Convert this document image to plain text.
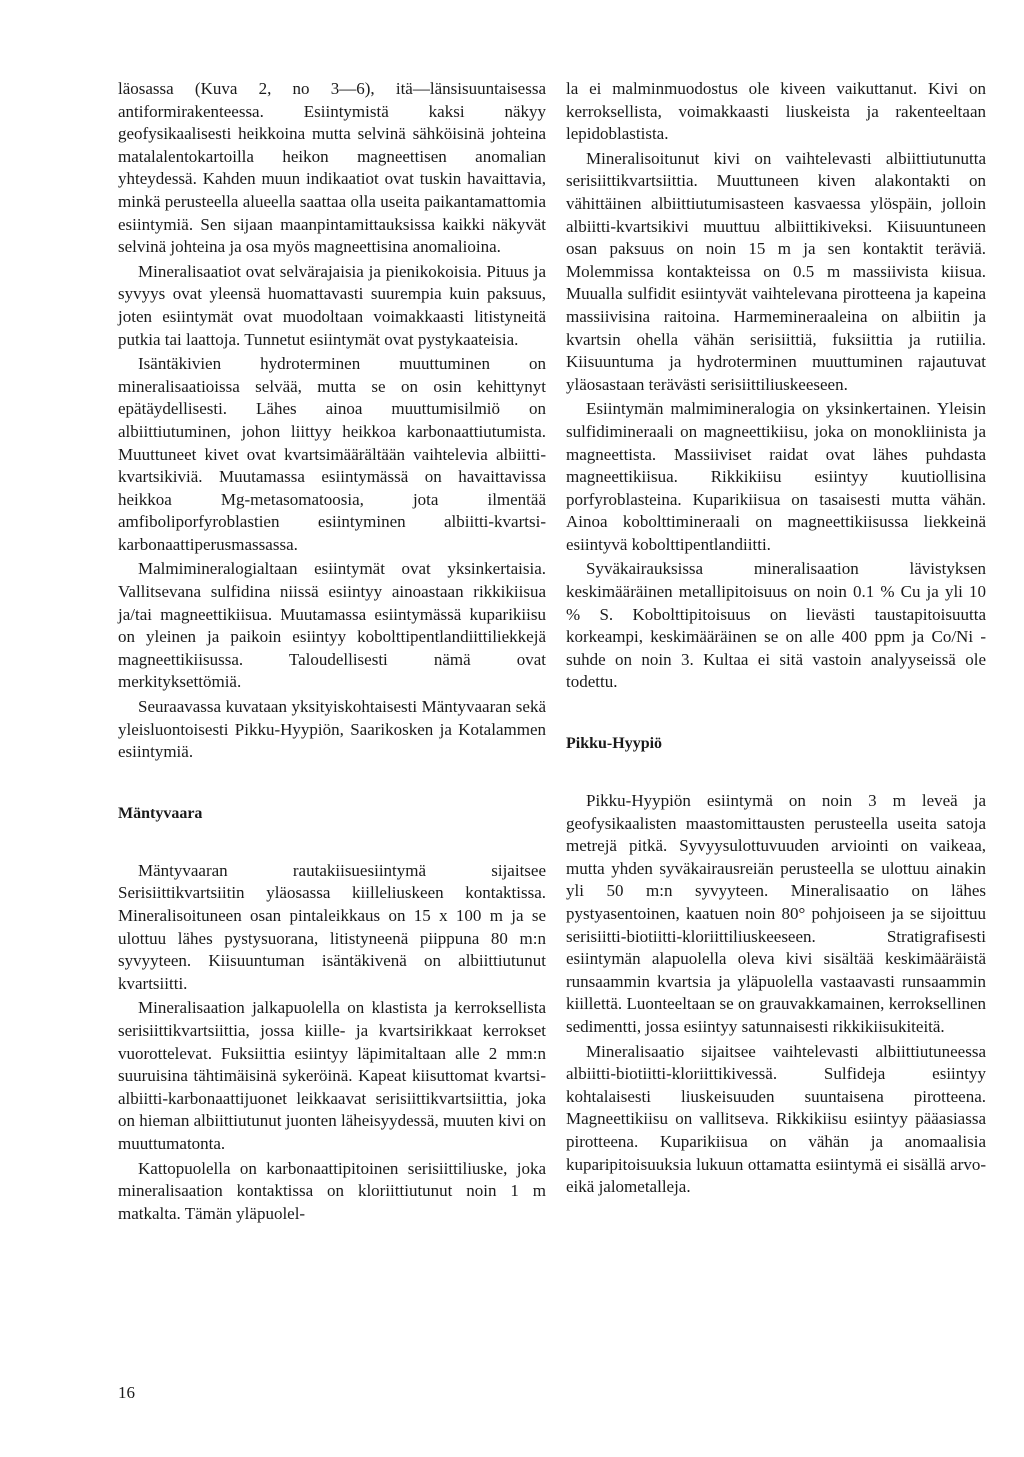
läosassa (Kuva 2, no 3—6), itä—länsisuuntaisessa antiformirakenteessa. Esiintymistä kaksi näkyy geofysikaalisesti heikkoina mutta selvinä sähköisinä johteina matalalentokartoilla heikon magneettisen anomalian yhteydessä. Kahden muun indikaatiot ovat tuskin havaittavia, minkä perusteella alueella saattaa olla useita paikantamattomia esiintymiä. Sen sijaan maanpintamittauksissa kaikki näkyvät selvinä johteina ja osa myös magneettisina anomalioina.

Mineralisaatiot ovat selvärajaisia ja pienikokoisia. Pituus ja syvyys ovat yleensä huomattavasti suurempia kuin paksuus, joten esiintymät ovat muodoltaan voimakkaasti litistyneitä putkia tai laattoja. Tunnetut esiintymät ovat pystykaateisia.

Isäntäkivien hydroterminen muuttuminen on mineralisaatioissa selvää, mutta se on osin kehittynyt epätäydellisesti. Lähes ainoa muuttumisilmiö on albiittiutuminen, johon liittyy heikkoa karbonaattiutumista. Muuttuneet kivet ovat kvartsimäärältään vaihtelevia albiitti-kvartsikiviä. Muutamassa esiintymässä on havaittavissa heikkoa Mg-metasomatoosia, jota ilmentää amfiboliporfyroblastien esiintyminen albiitti-kvartsi-karbonaattiperusmassassa.

Malmimineralogialtaan esiintymät ovat yksinkertaisia. Vallitsevana sulfidina niissä esiintyy ainoastaan rikkikiisua ja/tai magneettikiisua. Muutamassa esiintymässä kuparikiisu on yleinen ja paikoin esiintyy kobolttipentlandiittiliekkejä magneettikiisussa. Taloudellisesti nämä ovat merkityksettömiä.

Seuraavassa kuvataan yksityiskohtaisesti Mäntyvaaran sekä yleisluontoisesti Pikku-Hyypiön, Saarikosken ja Kotalammen esiintymiä.

Mäntyvaara

Mäntyvaaran rautakiisuesiintymä sijaitsee Serisiittikvartsiitin yläosassa kiilleliuskeen kontaktissa. Mineralisoituneen osan pintaleikkaus on 15 x 100 m ja se ulottuu lähes pystysuorana, litistyneenä piippuna 80 m:n syvyyteen. Kiisuuntuman isäntäkivenä on albiittiutunut kvartsiitti.

Mineralisaation jalkapuolella on klastista ja kerroksellista serisiittikvartsiittia, jossa kiille- ja kvartsirikkaat kerrokset vuorottelevat. Fuksiittia esiintyy läpimitaltaan alle 2 mm:n suuruisina tähtimäisinä sykeröinä. Kapeat kiisuttomat kvartsi-albiitti-karbonaattijuonet leikkaavat serisiittikvartsiittia, joka on hieman albiittiutunut juonten läheisyydessä, muuten kivi on muuttumatonta.

Kattopuolella on karbonaattipitoinen serisiittiliuske, joka mineralisaation kontaktissa on kloriittiutunut noin 1 m matkalta. Tämän yläpuolel-

la ei malminmuodostus ole kiveen vaikuttanut. Kivi on kerroksellista, voimakkaasti liuskeista ja rakenteeltaan lepidoblastista.

Mineralisoitunut kivi on vaihtelevasti albiittiutunutta serisiittikvartsiittia. Muuttuneen kiven alakontakti on vähittäinen albiittiutumisasteen kasvaessa ylöspäin, jolloin albiitti-kvartsikivi muuttuu albiittikiveksi. Kiisuuntuneen osan paksuus on noin 15 m ja sen kontaktit teräviä. Molemmissa kontakteissa on 0.5 m massiivista kiisua. Muualla sulfidit esiintyvät vaihtelevana pirotteena ja kapeina massiivisina raitoina. Harmemineraaleina on albiitin ja kvartsin ohella vähän serisiittiä, fuksiittia ja rutiilia. Kiisuuntuma ja hydroterminen muuttuminen rajautuvat yläosastaan terävästi serisiittiliuskeeseen.

Esiintymän malmimineralogia on yksinkertainen. Yleisin sulfidimineraali on magneettikiisu, joka on monokliinista ja magneettista. Massiiviset raidat ovat lähes puhdasta magneettikiisua. Rikkikiisu esiintyy kuutiollisina porfyroblasteina. Kuparikiisua on tasaisesti mutta vähän. Ainoa kobolttimineraali on magneettikiisussa liekkeinä esiintyvä kobolttipentlandiitti.

Syväkairauksissa mineralisaation lävistyksen keskimääräinen metallipitoisuus on noin 0.1 % Cu ja yli 10 % S. Kobolttipitoisuus on lievästi taustapitoisuutta korkeampi, keskimääräinen se on alle 400 ppm ja Co/Ni -suhde on noin 3. Kultaa ei sitä vastoin analyyseissä ole todettu.

Pikku-Hyypiö

Pikku-Hyypiön esiintymä on noin 3 m leveä ja geofysikaalisten maastomittausten perusteella useita satoja metrejä pitkä. Syvyysulottuvuuden arviointi on vaikeaa, mutta yhden syväkairausreiän perusteella se ulottuu ainakin yli 50 m:n syvyyteen. Mineralisaatio on lähes pystyasentoinen, kaatuen noin 80° pohjoiseen ja se sijoittuu serisiitti-biotiitti-kloriittiliuskeeseen. Stratigrafisesti esiintymän alapuolella oleva kivi sisältää keskimääräistä runsaammin kvartsia ja yläpuolella vastaavasti runsaammin kiillettä. Luonteeltaan se on grauvakkamainen, kerroksellinen sedimentti, jossa esiintyy satunnaisesti rikkikiisukiteitä.

Mineralisaatio sijaitsee vaihtelevasti albiittiutuneessa albiitti-biotiitti-kloriittikivessä. Sulfideja esiintyy kohtalaisesti liuskeisuuden suuntaisena pirotteena. Magneettikiisu on vallitseva. Rikkikiisu esiintyy pääasiassa pirotteena. Kuparikiisua on vähän ja anomaalisia kuparipitoisuuksia lukuun ottamatta esiintymä ei sisällä arvo- eikä jalometalleja.

16
